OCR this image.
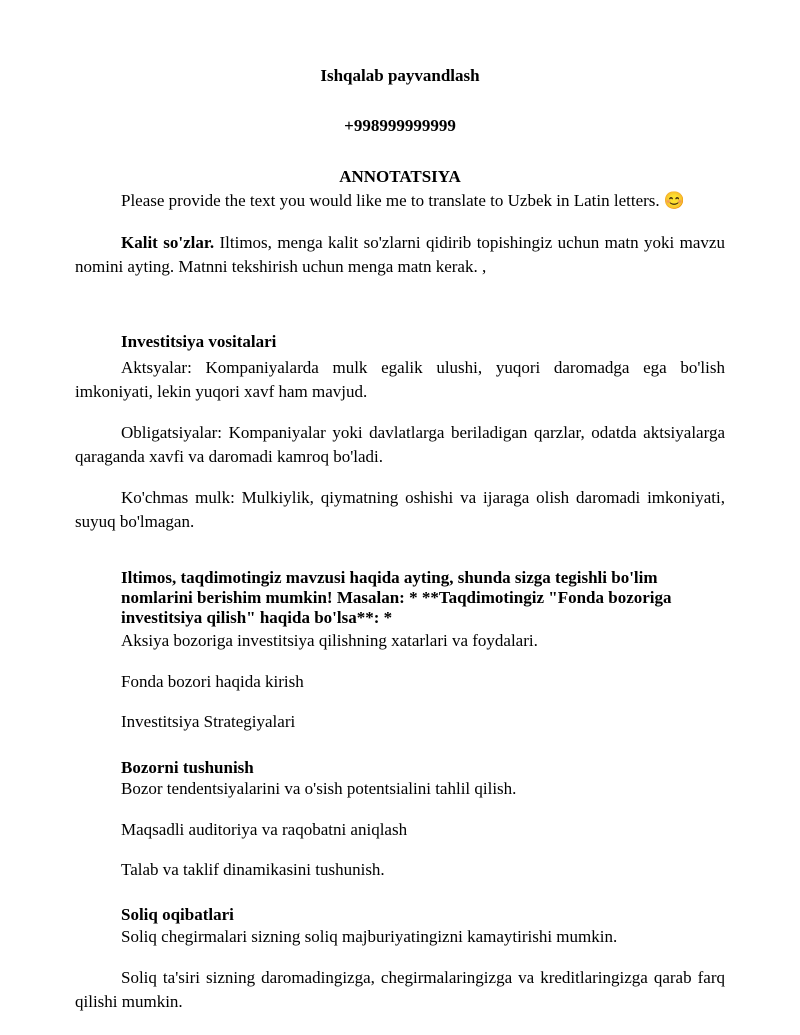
Ishqalab payvandlash
+998999999999
ANNOTATSIYA
Please provide the text you would like me to translate to Uzbek in Latin letters. 😊

Kalit so'zlar. Iltimos, menga kalit so'zlarni qidirib topishingiz uchun matn yoki mavzu nomini ayting. Matnni tekshirish uchun menga matn kerak. ,

Investitsiya vositalari

Aktsyalar: Kompaniyalarda mulk egalik ulushi, yuqori daromadga ega bo'lish imkoniyati, lekin yuqori xavf ham mavjud.

Obligatsiyalar: Kompaniyalar yoki davlatlarga beriladigan qarzlar, odatda aktsiyalarga qaraganda xavfi va daromadi kamroq bo'ladi.

Ko'chmas mulk: Mulkiylik, qiymatning oshishi va ijaraga olish daromadi imkoniyati, suyuq bo'lmagan.

Iltimos, taqdimotingiz mavzusi haqida ayting, shunda sizga tegishli bo'lim nomlarini berishim mumkin! Masalan: * **Taqdimotingiz "Fonda bozoriga investitsiya qilish" haqida bo'lsa**: *

Aksiya bozoriga investitsiya qilishning xatarlari va foydalari.
Fonda bozori haqida kirish
Investitsiya Strategiyalari
Bozorni tushunish
Bozor tendentsiyalarini va o'sish potentsialini tahlil qilish.
Maqsadli auditoriya va raqobatni aniqlash
Talab va taklif dinamikasini tushunish.
Soliq oqibatlari
Soliq chegirmalari sizning soliq majburiyatingizni kamaytirishi mumkin.

Soliq ta'siri sizning daromadingizga, chegirmalaringizga va kreditlaringizga qarab farq qilishi mumkin.
